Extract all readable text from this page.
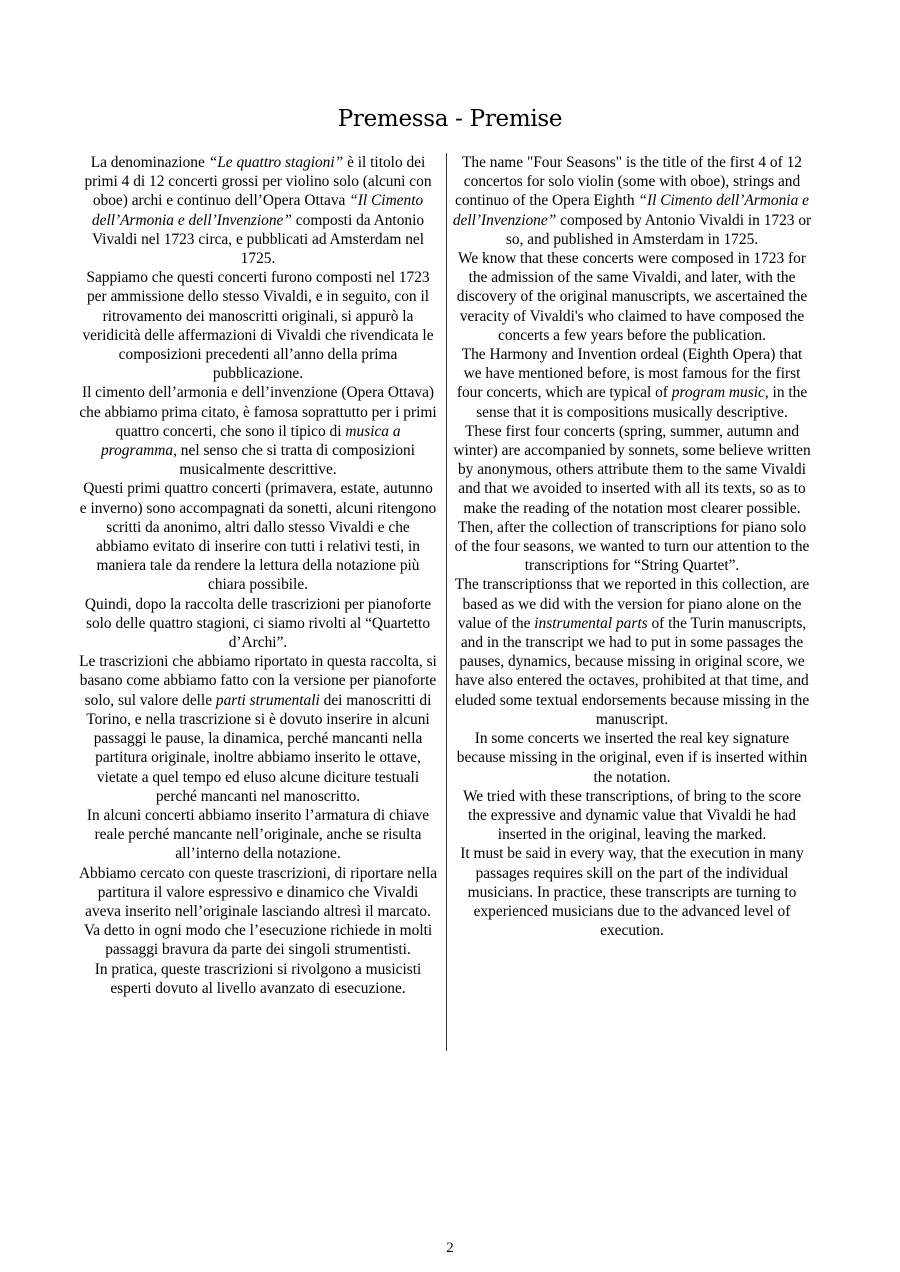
Premessa - Premise

La denominazione “Le quattro stagioni” è il titolo dei primi 4 di 12 concerti grossi per violino solo (alcuni con oboe) archi e continuo dell’Opera Ottava “Il Cimento dell’Armonia e dell’Invenzione” composti da Antonio Vivaldi nel 1723 circa, e pubblicati ad Amsterdam nel 1725.

Sappiamo che questi concerti furono composti nel 1723 per ammissione dello stesso Vivaldi, e in seguito, con il ritrovamento dei manoscritti originali, si appurò la veridicità delle affermazioni di Vivaldi che rivendicata le composizioni precedenti all’anno della prima pubblicazione.

Il cimento dell’armonia e dell’invenzione (Opera Ottava) che abbiamo prima citato, è famosa soprattutto per i primi quattro concerti, che sono il tipico di musica a programma, nel senso che si tratta di composizioni musicalmente descrittive.

Questi primi quattro concerti (primavera, estate, autunno e inverno) sono accompagnati da sonetti, alcuni ritengono scritti da anonimo, altri dallo stesso Vivaldi e che abbiamo evitato di inserire con tutti i relativi testi, in maniera tale da rendere la lettura della notazione più chiara possibile.

Quindi, dopo la raccolta delle trascrizioni per pianoforte solo delle quattro stagioni, ci siamo rivolti al “Quartetto d’Archi”.

Le trascrizioni che abbiamo riportato in questa raccolta, si basano come abbiamo fatto con la versione per pianoforte solo, sul valore delle parti strumentali dei manoscritti di Torino, e nella trascrizione si è dovuto inserire in alcuni passaggi le pause, la dinamica, perché mancanti nella partitura originale, inoltre abbiamo inserito le ottave, vietate a quel tempo ed eluso alcune diciture testuali perché mancanti nel manoscritto.

In alcuni concerti abbiamo inserito l’armatura di chiave reale perché mancante nell’originale, anche se risulta all’interno della notazione.

Abbiamo cercato con queste trascrizioni, di riportare nella partitura il valore espressivo e dinamico che Vivaldi aveva inserito nell’originale lasciando altresì il marcato.

Va detto in ogni modo che l’esecuzione richiede in molti passaggi bravura da parte dei singoli strumentisti.

In pratica, queste trascrizioni si rivolgono a musicisti esperti dovuto al livello avanzato di esecuzione.

The name "Four Seasons" is the title of the first 4 of 12 concertos for solo violin (some with oboe), strings and continuo of the Opera Eighth “Il Cimento dell’Armonia e dell’Invenzione” composed by Antonio Vivaldi in 1723 or so, and published in Amsterdam in 1725.

We know that these concerts were composed in 1723 for the admission of the same Vivaldi, and later, with the discovery of the original manuscripts, we ascertained the veracity of Vivaldi's who claimed to have composed the concerts a few years before the publication.

The Harmony and Invention ordeal (Eighth Opera) that we have mentioned before, is most famous for the first four concerts, which are typical of program music, in the sense that it is compositions musically descriptive.

These first four concerts (spring, summer, autumn and winter) are accompanied by sonnets, some believe written by anonymous, others attribute them to the same Vivaldi and that we avoided to inserted with all its texts, so as to make the reading of the notation most clearer possible.

Then, after the collection of transcriptions for piano solo of the four seasons, we wanted to turn our attention to the transcriptions for “String Quartet”.

The transcriptionss that we reported in this collection, are based as we did with the version for piano alone on the value of the instrumental parts of the Turin manuscripts, and in the transcript we had to put in some passages the pauses, dynamics, because missing in original score, we have also entered the octaves, prohibited at that time, and eluded some textual endorsements because missing in the manuscript.

In some concerts we inserted the real key signature because missing in the original, even if is inserted within the notation.

We tried with these transcriptions, of bring to the score the expressive and dynamic value that Vivaldi he had inserted in the original, leaving the marked.

It must be said in every way, that the execution in many passages requires skill on the part of the individual musicians. In practice, these transcripts are turning to experienced musicians due to the advanced level of execution.

2
